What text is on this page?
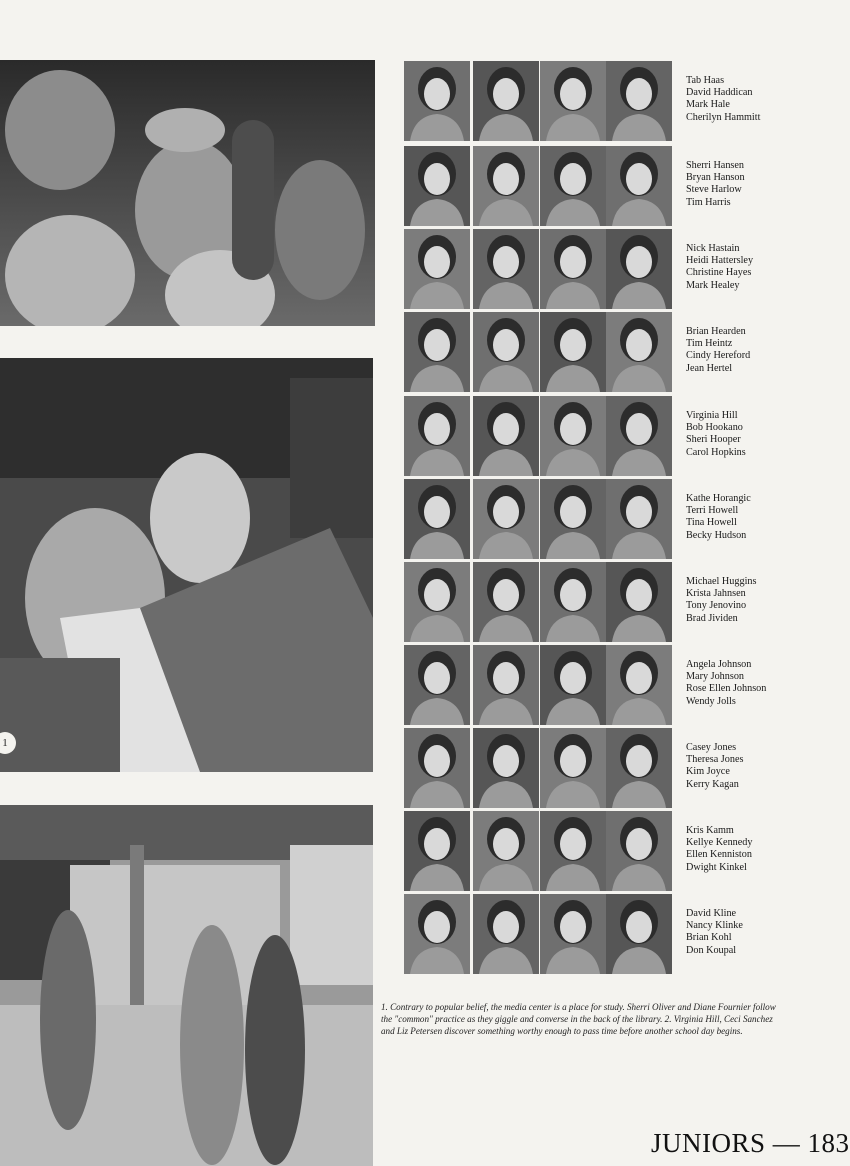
1
Tab Haas
David Haddican
Mark Hale
Cherilyn Hammitt
Sherri Hansen
Bryan Hanson
Steve Harlow
Tim Harris
Nick Hastain
Heidi Hattersley
Christine Hayes
Mark Healey
Brian Hearden
Tim Heintz
Cindy Hereford
Jean Hertel
Virginia Hill
Bob Hookano
Sheri Hooper
Carol Hopkins
Kathe Horangic
Terri Howell
Tina Howell
Becky Hudson
Michael Huggins
Krista Jahnsen
Tony Jenovino
Brad Jividen
Angela Johnson
Mary Johnson
Rose Ellen Johnson
Wendy Jolls
Casey Jones
Theresa Jones
Kim Joyce
Kerry Kagan
Kris Kamm
Kellye Kennedy
Ellen Kenniston
Dwight Kinkel
David Kline
Nancy Klinke
Brian Kohl
Don Koupal
1. Contrary to popular belief, the media center is a place for study. Sherri Oliver and Diane Fournier follow the "common" practice as they giggle and converse in the back of the library. 2. Virginia Hill, Ceci Sanchez and Liz Petersen discover something worthy enough to pass time before another school day begins.
JUNIORS — 183
